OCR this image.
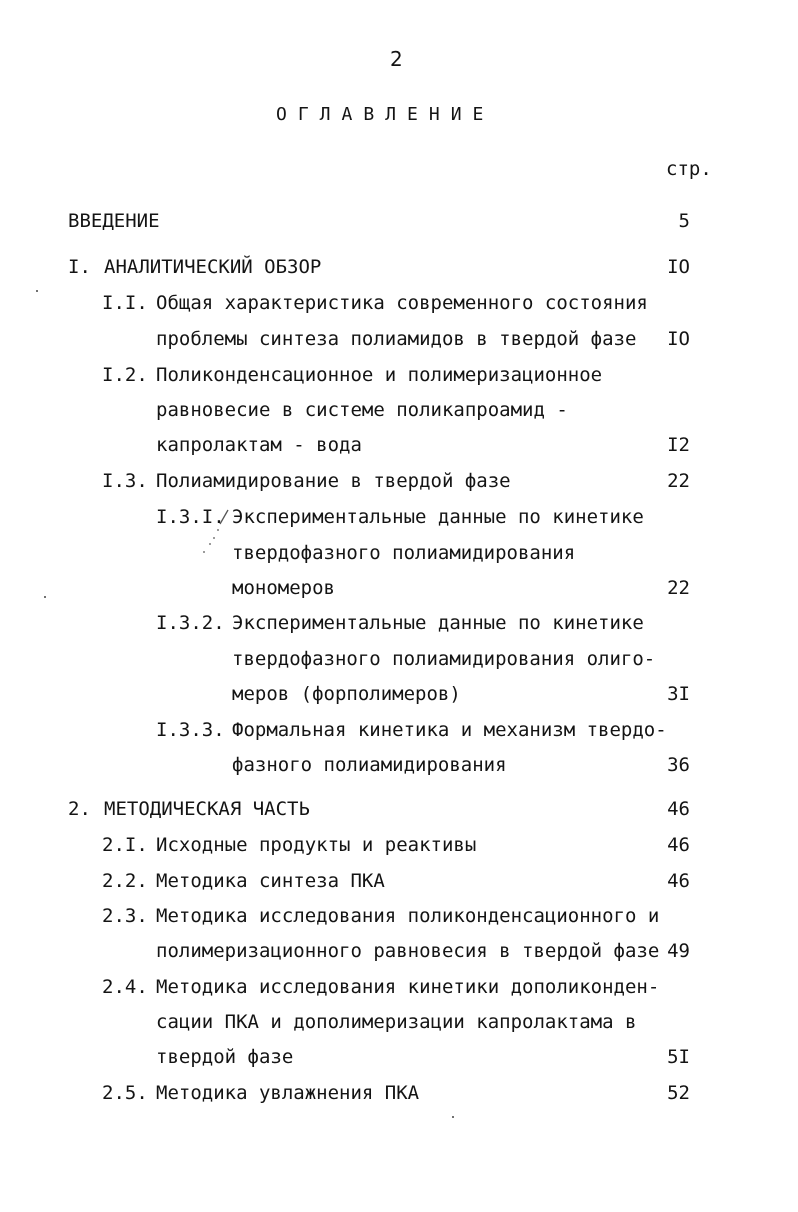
2
ОГЛАВЛЕНИЕ
стр.
ВВЕДЕНИЕ	5
I. АНАЛИТИЧЕСКИЙ ОБЗОР	IO
I.I. Общая характеристика современного состояния
проблемы синтеза полиамидов в твердой фазе	IO
I.2. Поликонденсационное и полимеризационное
равновесие в системе поликапроамид -
капролактам - вода	I2
I.3. Полиамидирование в твердой фазе	22
I.3.I. Экспериментальные данные по кинетике
твердофазного полиамидирования
мономеров	22
I.3.2. Экспериментальные данные по кинетике
твердофазного полиамидирования олиго-
меров (форполимеров)	3I
I.3.3. Формальная кинетика и механизм твердо-
фазного полиамидирования	36
2. МЕТОДИЧЕСКАЯ ЧАСТЬ	46
2.I. Исходные продукты и реактивы	46
2.2. Методика синтеза ПКА	46
2.3. Методика исследования поликонденсационного и
полимеризационного равновесия в твердой фазе 49
2.4. Методика исследования кинетики дополиконден-
сации ПКА и дополимеризации капролактама в
твердой фазе	5I
2.5. Методика увлажнения ПКА	52
